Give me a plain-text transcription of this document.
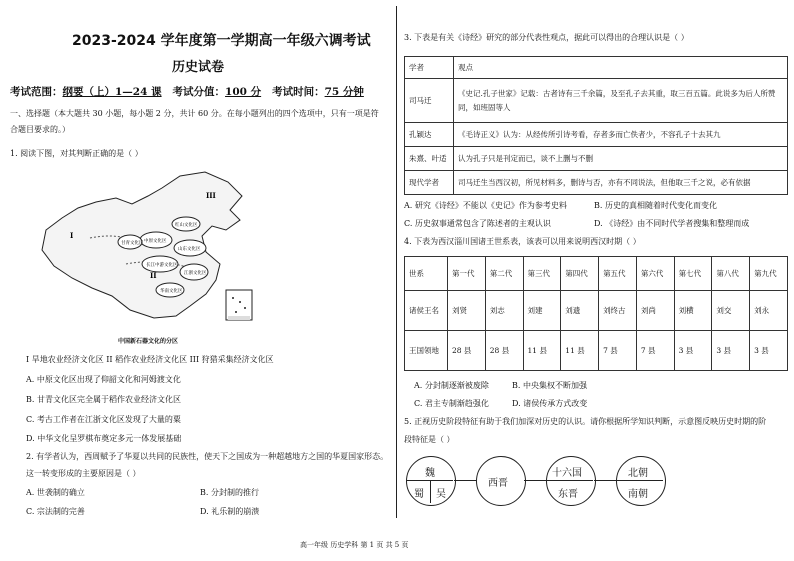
2023-2024 学年度第一学期高一年级六调考试
历史试卷
考试范围：纲要（上）1—24 课 考试分值：100 分 考试时间：75 分钟
一、选择题（本大题共 30 小题，每小题 2 分，共计 60 分。在每小题列出的四个选项中，只有一项是符
合题目要求的。）
1. 阅读下图，对其判断正确的是（ ）
红山文化区
中原文化区
山东文化区
江浙文化区
甘青文化区
长江中游文化区
华南文化区
I
II
III
中国新石器文化的分区
I 旱地农业经济文化区 II 稻作农业经济文化区 III 狩猎采集经济文化区
A. 中原文化区出现了仰韶文化和河姆渡文化
B. 甘青文化区完全属于稻作农业经济文化区
C. 考古工作者在江浙文化区发现了大量的粟
D. 中华文化呈罗棋布奠定多元一体发展基础
2. 有学者认为，西周赋予了华夏以共同的民族性，使天下之国成为一种超越地方之国的华夏国家形态。
这一转变形成的主要原因是（ ）
A. 世袭制的确立	B. 分封制的推行
C. 宗法制的完善	D. 礼乐制的崩溃
3. 下表是有关《诗经》研究的部分代表性观点，据此可以得出的合理认识是（ ）
学者	观点
司马迁	《史记.孔子世家》记载：古者诗有三千余篇，及至孔子去其重，取三百五篇。此说多为后人所赞同，如班固等人
孔颖达	《毛诗正义》认为：从经传所引诗考看，存者多而亡佚者少，不容孔子十去其九
朱熹、叶适	认为孔子只是刊定而已，谈不上删与不删
现代学者	司马迁生当西汉初，所见材料多，删诗与否，亦有不同说法，但他取三千之说，必有依据
A. 研究《诗经》不能以《史记》作为参考史料	B. 历史的真相随着时代变化而变化
C. 历史叙事通常包含了陈述者的主观认识	D. 《诗经》由不同时代学者搜集和整理而成
4. 下表为西汉淄川国诸王世系表，该表可以用来说明西汉时期（ ）
世系	第一代	第二代	第三代	第四代	第五代	第六代	第七代	第八代	第九代
诸侯王名	刘贤	刘志	刘建	刘遗	刘终古	刘尚	刘横	刘交	刘永
王国领地	28 县	28 县	11 县	11 县	7 县	7 县	3 县	3 县	3 县
A. 分封制逐渐被废除	B. 中央集权不断加强
C. 君主专制渐趋强化	D. 诸侯传承方式改变
5. 正视历史阶段特征有助于我们加深对历史的认识。请你根据所学知识判断，示意图反映历史时期的阶
段特征是（ ）
魏
蜀 吴
西晋
十六国
东晋
北朝
南朝
高一年级 历史学科 第 1 页 共 5 页
